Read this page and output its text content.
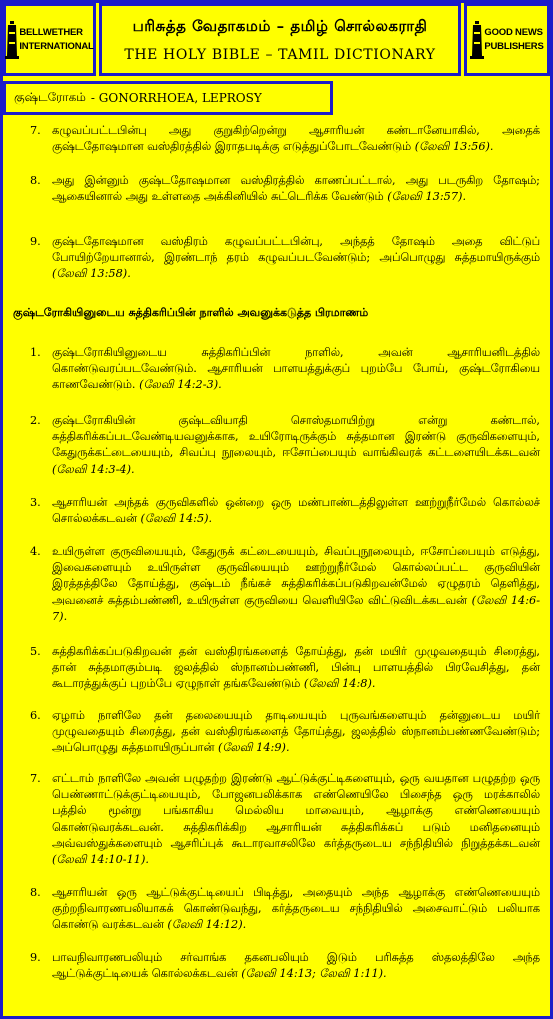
BELLWETHER
INTERNATIONAL
பரிசுத்த வேதாகமம் – தமிழ் சொல்லகராதி
THE HOLY BIBLE – TAMIL DICTIONARY
GOOD NEWS
PUBLISHERS
குஷ்டரோகம் - GONORRHOEA, LEPROSY
7. கழுவப்பட்டபின்பு அது குறுகிற்றென்று ஆசாரியன் கண்டானேயாகில், அதைக் குஷ்டதோஷமான வஸ்திரத்தில் இராதபடிக்கு எடுத்துப்போடவேண்டும் (லேவி 13:56).
8. அது இன்னும் குஷ்டதோஷமான வஸ்திரத்தில் காணப்பட்டால், அது படருகிற தோஷம்; ஆகையினால் அது உள்ளதை அக்கினியில் சுட்டெரிக்க வேண்டும் (லேவி 13:57).
9. குஷ்டதோஷமான வஸ்திரம் கழுவப்பட்டபின்பு, அந்தத் தோஷம் அதை விட்டுப் போயிற்றேயானால், இரண்டாந் தரம் கழுவப்படவேண்டும்; அப்பொழுது சுத்தமாயிருக்கும் (லேவி 13:58).
குஷ்டரோகியினுடைய சுத்திகரிப்பின் நாளில் அவனுக்கடுத்த பிரமாணம்
1. குஷ்டரோகியினுடைய சுத்திகரிப்பின் நாளில், அவன் ஆசாரியனிடத்தில் கொண்டுவரப்படவேண்டும். ஆசாரியன் பாளயத்துக்குப் புறம்பே போய், குஷ்டரோகியை காணவேண்டும். (லேவி 14:2-3).
2. குஷ்டரோகியின் குஷ்டவியாதி சொஸ்தமாயிற்று என்று கண்டால், சுத்திகரிக்கப்படவேண்டியவனுக்காக, உயிரோடிருக்கும் சுத்தமான இரண்டு குருவிகளையும், கேதுருக்கட்டையையும், சிவப்பு நூலையும், ஈசோப்பையும் வாங்கிவரக் கட்டளையிடக்கடவன் (லேவி 14:3-4).
3. ஆசாரியன் அந்தக் குருவிகளில் ஒன்றை ஒரு மண்பாண்டத்திலுள்ள ஊற்றுநீர்மேல் கொல்லச் சொல்லக்கடவன் (லேவி 14:5).
4. உயிருள்ள குருவியையும், கேதுருக் கட்டையையும், சிவப்புநூலையும், ஈசோப்பையும் எடுத்து, இவைகளையும் உயிருள்ள குருவியையும் ஊற்றுநீர்மேல் கொல்லப்பட்ட குருவியின் இரத்தத்திலே தோய்த்து, குஷ்டம் நீங்கச் சுத்திகரிக்கப்படுகிறவன்மேல் ஏழுதரம் தெளித்து, அவனைச் சுத்தம்பண்ணி, உயிருள்ள குருவியை வெளியிலே விட்டுவிடக்கடவன் (லேவி 14:6-7).
5. சுத்திகரிக்கப்படுகிறவன் தன் வஸ்திரங்களைத் தோய்த்து, தன் மயிர் முழுவதையும் சிரைத்து, தான் சுத்தமாகும்படி ஜலத்தில் ஸ்நானம்பண்ணி, பின்பு பாளயத்தில் பிரவேசித்து, தன் கூடாரத்துக்குப் புறம்பே ஏழுநாள் தங்கவேண்டும் (லேவி 14:8).
6. ஏழாம் நாளிலே தன் தலையையும் தாடியையும் புருவங்களையும் தன்னுடைய மயிர் முழுவதையும் சிரைத்து, தன் வஸ்திரங்களைத் தோய்த்து, ஜலத்தில் ஸ்நானம்பண்ணவேண்டும்; அப்பொழுது சுத்தமாயிருப்பான் (லேவி 14:9).
7. எட்டாம் நாளிலே அவன் பழுதற்ற இரண்டு ஆட்டுக்குட்டிகளையும், ஒரு வயதான பழுதற்ற ஒரு பெண்ணாட்டுக்குட்டியையும், போஜனபலிக்காக எண்ணெயிலே பிசைந்த ஒரு மரக்காலில் பத்தில் மூன்று பங்காகிய மெல்லிய மாவையும், ஆழாக்கு எண்ணெயையும் கொண்டுவரக்கடவன். சுத்திகரிக்கிற ஆசாரியன் சுத்திகரிக்கப் படும் மனிதனையும் அவ்வஸ்துக்களையும் ஆசரிப்புக் கூடாரவாசலிலே கர்த்தருடைய சந்நிதியில் நிறுத்தக்கடவன் (லேவி 14:10-11).
8. ஆசாரியன் ஒரு ஆட்டுக்குட்டியைப் பிடித்து, அதையும் அந்த ஆழாக்கு எண்ணெயையும் குற்றநிவாரணபலியாகக் கொண்டுவந்து, கர்த்தருடைய சந்நிதியில் அசைவாட்டும் பலியாக கொண்டு வரக்கடவன் (லேவி 14:12).
9. பாவநிவாரணபலியும் சர்வாங்க தகனபலியும் இடும் பரிசுத்த ஸ்தலத்திலே அந்த ஆட்டுக்குட்டியைக் கொல்லக்கடவன் (லேவி 14:13; லேவி 1:11).
